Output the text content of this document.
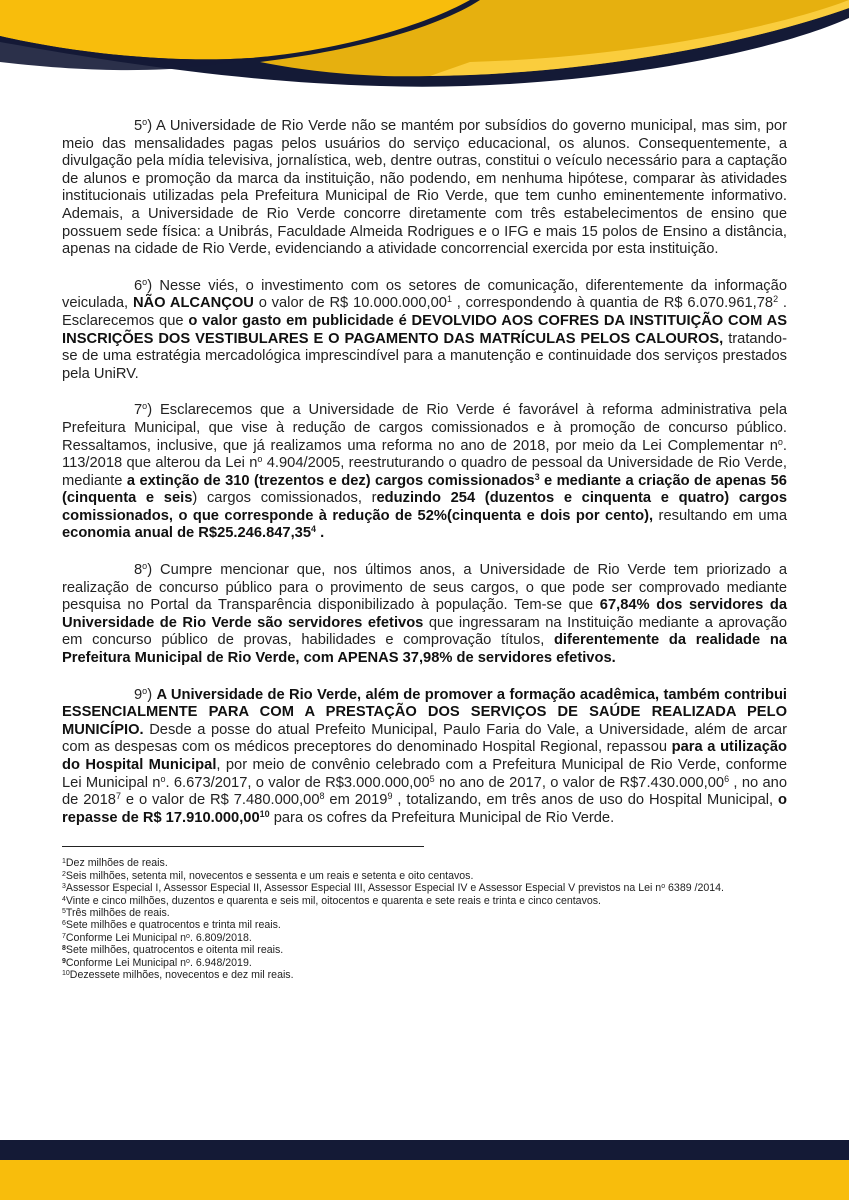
5$^o$) A Universidade de Rio Verde não se mantém por subsídios do governo municipal, mas sim, por meio das mensalidades pagas pelos usuários do serviço educacional, os alunos. Consequentemente, a divulgação pela mídia televisiva, jornalística, web, dentre outras, constitui o veículo necessário para a captação de alunos e promoção da marca da instituição, não podendo, em nenhuma hipótese, comparar às atividades institucionais utilizadas pela Prefeitura Municipal de Rio Verde, que tem cunho eminentemente informativo. Ademais, a Universidade de Rio Verde concorre diretamente com três estabelecimentos de ensino que possuem sede física: a Unibrás, Faculdade Almeida Rodrigues e o IFG e mais 15 polos de Ensino a distância, apenas na cidade de Rio Verde, evidenciando a atividade concorrencial exercida por esta instituição.

6$^o$) Nesse viés, o investimento com os setores de comunicação, diferentemente da informação veiculada, NÃO ALCANÇOU o valor de R$ 10.000.000,00$^1$ , correspondendo à quantia de R$ 6.070.961,78$^2$ . Esclarecemos que o valor gasto em publicidade é DEVOLVIDO AOS COFRES DA INSTITUIÇÃO COM AS INSCRIÇÕES DOS VESTIBULARES E O PAGAMENTO DAS MATRÍCULAS PELOS CALOUROS, tratando-se de uma estratégia mercadológica imprescindível para a manutenção e continuidade dos serviços prestados pela UniRV.

7$^o$) Esclarecemos que a Universidade de Rio Verde é favorável à reforma administrativa pela Prefeitura Municipal, que vise à redução de cargos comissionados e à promoção de concurso público. Ressaltamos, inclusive, que já realizamos uma reforma no ano de 2018, por meio da Lei Complementar $n^o$. 113/2018 que alterou da Lei $n^o$ 4.904/2005, reestruturando o quadro de pessoal da Universidade de Rio Verde, mediante a extinção de 310 (trezentos e dez) cargos comissionados$^3$ e mediante a criação de apenas 56 (cinquenta e seis) cargos comissionados, reduzindo 254 (duzentos e cinquenta e quatro) cargos comissionados, o que corresponde à redução de 52%(cinquenta e dois por cento), resultando em uma economia anual de R$25.246.847,35$^4$ .

8$^o$) Cumpre mencionar que, nos últimos anos, a Universidade de Rio Verde tem priorizado a realização de concurso público para o provimento de seus cargos, o que pode ser comprovado mediante pesquisa no Portal da Transparência disponibilizado à população. Tem-se que 67,84% dos servidores da Universidade de Rio Verde são servidores efetivos que ingressaram na Instituição mediante a aprovação em concurso público de provas, habilidades e comprovação títulos, diferentemente da realidade na Prefeitura Municipal de Rio Verde, com APENAS 37,98% de servidores efetivos.

9$^o$) A Universidade de Rio Verde, além de promover a formação acadêmica, também contribui ESSENCIALMENTE PARA COM A PRESTAÇÃO DOS SERVIÇOS DE SAÚDE REALIZADA PELO MUNICÍPIO. Desde a posse do atual Prefeito Municipal, Paulo Faria do Vale, a Universidade, além de arcar com as despesas com os médicos preceptores do denominado Hospital Regional, repassou para a utilização do Hospital Municipal, por meio de convênio celebrado com a Prefeitura Municipal de Rio Verde, conforme Lei Municipal $n^o$. 6.673/2017, o valor de R$3.000.000,00$^5$ no ano de 2017, o valor de R$7.430.000,00$^6$ , no ano de 2018$^7$ e o valor de R$ 7.480.000,00$^8$ em 2019$^9$ , totalizando, em três anos de uso do Hospital Municipal, o repasse de R$ 17.910.000,00$^{10}$ para os cofres da Prefeitura Municipal de Rio Verde.

$^1$Dez milhões de reais.

$^2$Seis milhões, setenta mil, novecentos e sessenta e um reais e setenta e oito centavos.

$^3$Assessor Especial I, Assessor Especial II, Assessor Especial III, Assessor Especial IV e Assessor Especial V previstos na Lei $n^o$ 6389 /2014.

$^4$Vinte e cinco milhões, duzentos e quarenta e seis mil, oitocentos e quarenta e sete reais e trinta e cinco centavos.

$^5$Três milhões de reais.

$^6$Sete milhões e quatrocentos e trinta mil reais.

$^7$Conforme Lei Municipal $n^o$. 6.809/2018.

$^8$Sete milhões, quatrocentos e oitenta mil reais.

$^9$Conforme Lei Municipal $n^o$. 6.948/2019.

$^{10}$Dezessete milhões, novecentos e dez mil reais.
